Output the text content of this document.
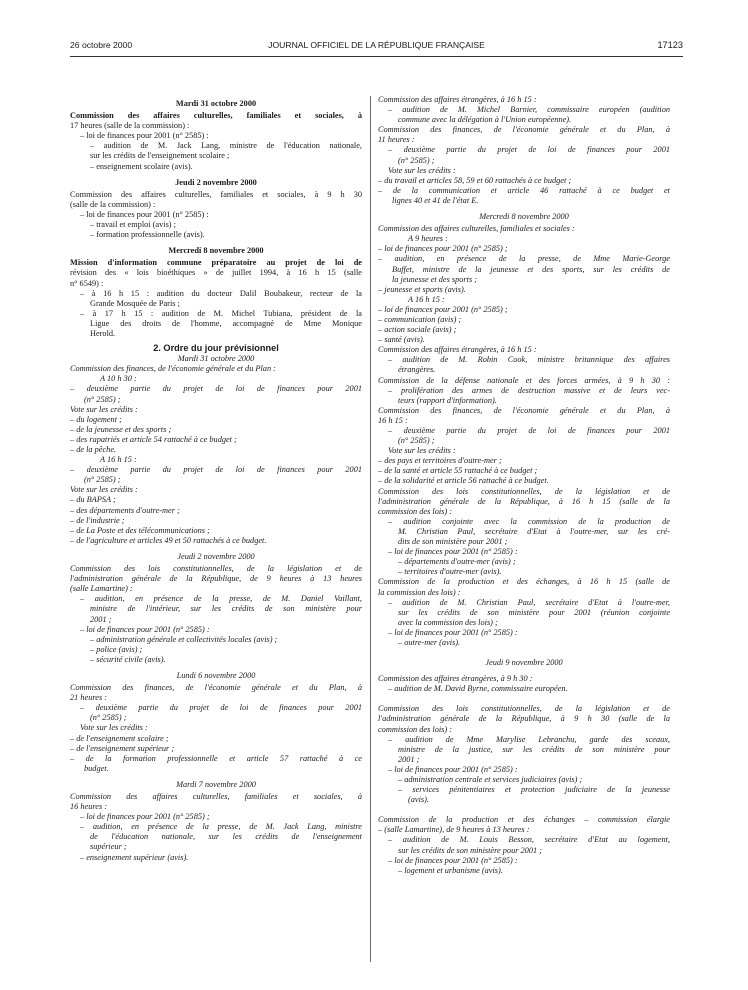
26 octobre 2000	JOURNAL OFFICIEL DE LA RÉPUBLIQUE FRANÇAISE	17123
Mardi 31 octobre 2000
Commission des affaires culturelles, familiales et sociales, à
17 heures (salle de la commission) :
– loi de finances pour 2001 (n° 2585) :
– audition de M. Jack Lang, ministre de l'éducation nationale,
sur les crédits de l'enseignement scolaire ;
– enseignement scolaire (avis).
Jeudi 2 novembre 2000
Commission des affaires culturelles, familiales et sociales, à 9 h 30
(salle de la commission) :
– loi de finances pour 2001 (n° 2585) :
– travail et emploi (avis) ;
– formation professionnelle (avis).
Mercredi 8 novembre 2000
Mission d'information commune préparatoire au projet de loi de
révision des « lois bioéthiques » de juillet 1994, à 16 h 15 (salle
n° 6549) :
– à 16 h 15 : audition du docteur Dalil Boubakeur, recteur de la
Grande Mosquée de Paris ;
– à 17 h 15 : audition de M. Michel Tubiana, président de la
Ligue des droits de l'homme, accompagné de Mme Monique
Herold.
2. Ordre du jour prévisionnel
Mardi 31 octobre 2000
Commission des finances, de l'économie générale et du Plan :
A 10 h 30 :
– deuxième partie du projet de loi de finances pour 2001
(n° 2585) ;
Vote sur les crédits :
– du logement ;
– de la jeunesse et des sports ;
– des rapatriés et article 54 rattaché à ce budget ;
– de la pêche.
A 16 h 15 :
– deuxième partie du projet de loi de finances pour 2001
(n° 2585) ;
Vote sur les crédits :
– du BAPSA ;
– des départements d'outre-mer ;
– de l'industrie ;
– de La Poste et des télécommunications ;
– de l'agriculture et articles 49 et 50 rattachés à ce budget.
Jeudi 2 novembre 2000
Commission des lois constitutionnelles, de la législation et de
l'administration générale de la République, de 9 heures à 13 heures
(salle Lamartine) :
– audition, en présence de la presse, de M. Daniel Vaillant,
ministre de l'intérieur, sur les crédits de son ministère pour
2001 ;
– loi de finances pour 2001 (n° 2585) :
– administration générale et collectivités locales (avis) ;
– police (avis) ;
– sécurité civile (avis).
Lundi 6 novembre 2000
Commission des finances, de l'économie générale et du Plan, à
21 heures :
– deuxième partie du projet de loi de finances pour 2001
(n° 2585) ;
Vote sur les crédits :
– de l'enseignement scolaire ;
– de l'enseignement supérieur ;
– de la formation professionnelle et article 57 rattaché à ce
budget.
Mardi 7 novembre 2000
Commission des affaires culturelles, familiales et sociales, à
16 heures :
– loi de finances pour 2001 (n° 2585) ;
– audition, en présence de la presse, de M. Jack Lang, ministre
de l'éducation nationale, sur les crédits de l'enseignement
supérieur ;
– enseignement supérieur (avis).
Commission des affaires étrangères, à 16 h 15 :
– audition de M. Michel Barnier, commissaire européen (audition
commune avec la délégation à l'Union européenne).
Commission des finances, de l'économie générale et du Plan, à
11 heures :
– deuxième partie du projet de loi de finances pour 2001
(n° 2585) ;
Vote sur les crédits :
– du travail et articles 58, 59 et 60 rattachés à ce budget ;
– de la communication et article 46 rattaché à ce budget et
lignes 40 et 41 de l'état E.
Mercredi 8 novembre 2000
Commission des affaires culturelles, familiales et sociales :
A 9 heures :
– loi de finances pour 2001 (n° 2585) ;
– audition, en présence de la presse, de Mme Marie-George
Buffet, ministre de la jeunesse et des sports, sur les crédits de
la jeunesse et des sports ;
– jeunesse et sports (avis).
A 16 h 15 :
– loi de finances pour 2001 (n° 2585) ;
– communication (avis) ;
– action sociale (avis) ;
– santé (avis).
Commission des affaires étrangères, à 16 h 15 :
– audition de M. Robin Cook, ministre britannique des affaires
étrangères.
Commission de la défense nationale et des forces armées, à 9 h 30 :
– prolifération des armes de destruction massive et de leurs vec-
teurs (rapport d'information).
Commission des finances, de l'économie générale et du Plan, à
16 h 15 :
– deuxième partie du projet de loi de finances pour 2001
(n° 2585) ;
Vote sur les crédits :
– des pays et territoires d'outre-mer ;
– de la santé et article 55 rattaché à ce budget ;
– de la solidarité et article 56 rattaché à ce budget.
Commission des lois constitutionnelles, de la législation et de
l'administration générale de la République, à 16 h 15 (salle de la
commission des lois) :
– audition conjointe avec la commission de la production de
M. Christian Paul, secrétaire d'Etat à l'outre-mer, sur les cré-
dits de son ministère pour 2001 ;
– loi de finances pour 2001 (n° 2585) :
– départements d'outre-mer (avis) ;
– territoires d'outre-mer (avis).
Commission de la production et des échanges, à 16 h 15 (salle de
la commission des lois) :
– audition de M. Christian Paul, secrétaire d'Etat à l'outre-mer,
sur les crédits de son ministère pour 2001 (réunion conjointe
avec la commission des lois) ;
– loi de finances pour 2001 (n° 2585) :
– outre-mer (avis).
Jeudi 9 novembre 2000
Commission des affaires étrangères, à 9 h 30 :
– audition de M. David Byrne, commissaire européen.
Commission des lois constitutionnelles, de la législation et de
l'administration générale de la République, à 9 h 30 (salle de la
commission des lois) :
– audition de Mme Marylise Lebranchu, garde des sceaux,
ministre de la justice, sur les crédits de son ministère pour
2001 ;
– loi de finances pour 2001 (n° 2585) :
– administration centrale et services judiciaires (avis) ;
– services pénitentiaires et protection judiciaire de la jeunesse
(avis).
Commission de la production et des échanges – commission élargie
– (salle Lamartine), de 9 heures à 13 heures :
– audition de M. Louis Besson, secrétaire d'Etat au logement,
sur les crédits de son ministère pour 2001 ;
– loi de finances pour 2001 (n° 2585) :
– logement et urbanisme (avis).
